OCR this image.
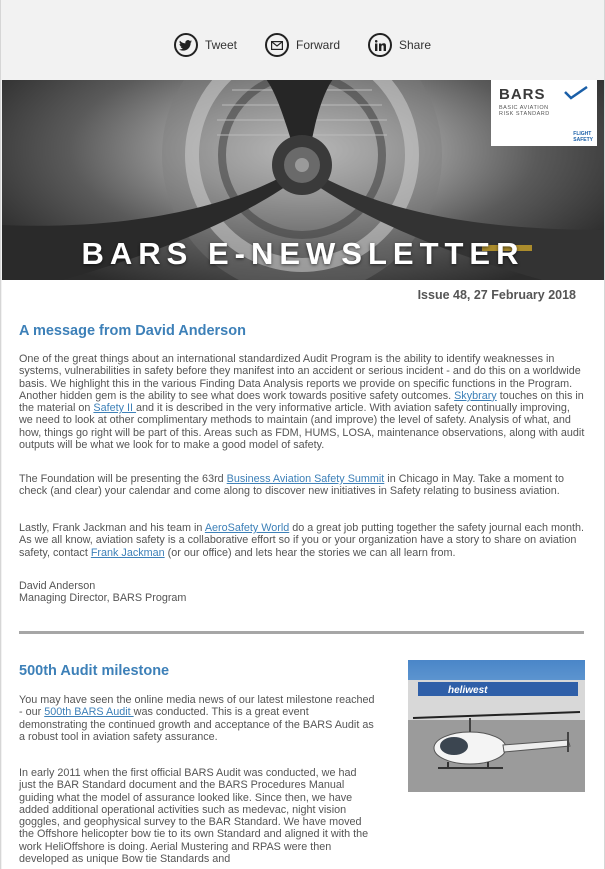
Tweet	Forward	Share
BARS
BASIC AVIATION
RISK STANDARD
FLIGHT
SAFETY
BARS E-NEWSLETTER
Issue 48, 27 February 2018
A message from David Anderson
One of the great things about an international standardized Audit Program is the ability to identify weaknesses in systems, vulnerabilities in safety before they manifest into an accident or serious incident - and do this on a worldwide basis. We highlight this in the various Finding Data Analysis reports we provide on specific functions in the Program. Another hidden gem is the ability to see what does work towards positive safety outcomes. Skybrary touches on this in the material on Safety II and it is described in the very informative article. With aviation safety continually improving, we need to look at other complimentary methods to maintain (and improve) the level of safety. Analysis of what, and how, things go right will be part of this. Areas such as FDM, HUMS, LOSA, maintenance observations, along with audit outputs will be what we look for to make a good model of safety.
The Foundation will be presenting the 63rd Business Aviation Safety Summit in Chicago in May. Take a moment to check (and clear) your calendar and come along to discover new initiatives in Safety relating to business aviation.
Lastly, Frank Jackman and his team in AeroSafety World do a great job putting together the safety journal each month. As we all know, aviation safety is a collaborative effort so if you or your organization have a story to share on aviation safety, contact Frank Jackman (or our office) and lets hear the stories we can all learn from.
David Anderson
Managing Director, BARS Program
500th Audit milestone
You may have seen the online media news of our latest milestone reached - our 500th BARS Audit was conducted. This is a great event demonstrating the continued growth and acceptance of the BARS Audit as a robust tool in aviation safety assurance.
In early 2011 when the first official BARS Audit was conducted, we had just the BAR Standard document and the BARS Procedures Manual guiding what the model of assurance looked like. Since then, we have added additional operational activities such as medevac, night vision goggles, and geophysical survey to the BAR Standard. We have moved the Offshore helicopter bow tie to its own Standard and aligned it with the work HeliOffshore is doing. Aerial Mustering and RPAS were then developed as unique Bow tie Standards and
heliwest
